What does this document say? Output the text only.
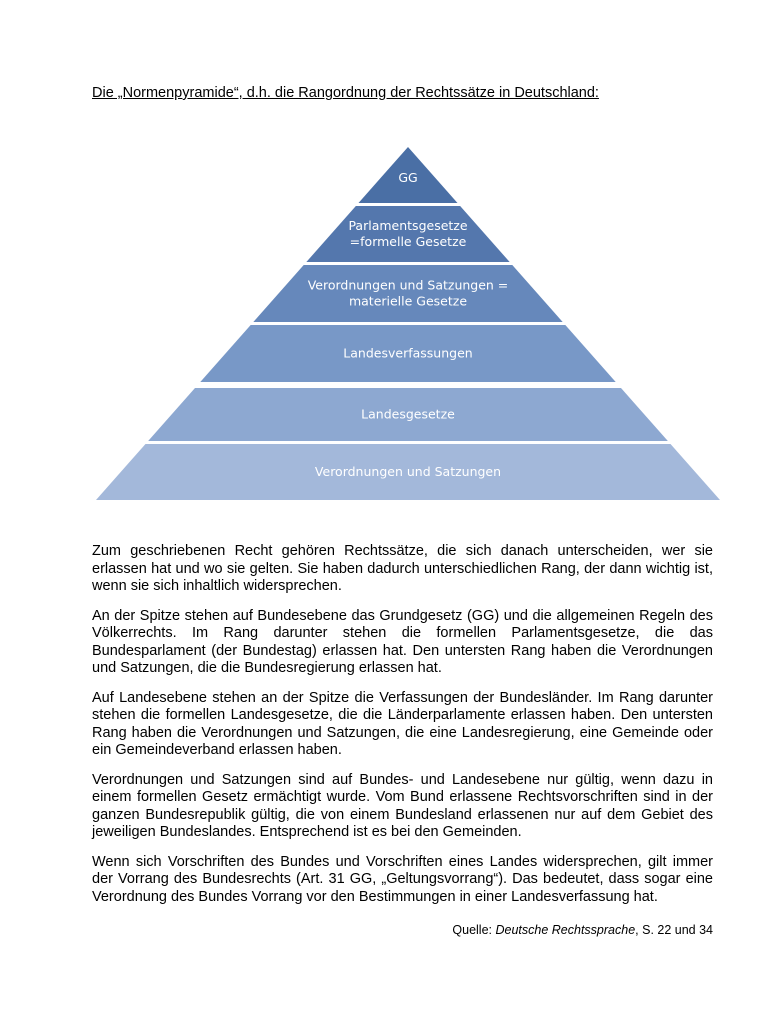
Die „Normenpyramide“, d.h. die Rangordnung der Rechtssätze in Deutschland:
GG
Parlamentsgesetze
=formelle Gesetze
Verordnungen und Satzungen =
materielle Gesetze
Landesverfassungen
Landesgesetze
Verordnungen und Satzungen

Zum geschriebenen Recht gehören Rechtssätze, die sich danach unterscheiden, wer sie erlassen hat und wo sie gelten. Sie haben dadurch unterschiedlichen Rang, der dann wichtig ist, wenn sie sich inhaltlich widersprechen.

An der Spitze stehen auf Bundesebene das Grundgesetz (GG) und die allgemeinen Regeln des Völkerrechts. Im Rang darunter stehen die formellen Parlamentsgesetze, die das Bundesparlament (der Bundestag) erlassen hat. Den untersten Rang haben die Verordnungen und Satzungen, die die Bundesregierung erlassen hat.

Auf Landesebene stehen an der Spitze die Verfassungen der Bundesländer. Im Rang darunter stehen die formellen Landesgesetze, die die Länderparlamente erlassen haben. Den untersten Rang haben die Verordnungen und Satzungen, die eine Landesregierung, eine Gemeinde oder ein Gemeindeverband erlassen haben.

Verordnungen und Satzungen sind auf Bundes- und Landesebene nur gültig, wenn dazu in einem formellen Gesetz ermächtigt wurde. Vom Bund erlassene Rechtsvorschriften sind in der ganzen Bundesrepublik gültig, die von einem Bundesland erlassenen nur auf dem Gebiet des jeweiligen Bundeslandes. Entsprechend ist es bei den Gemeinden.

Wenn sich Vorschriften des Bundes und Vorschriften eines Landes widersprechen, gilt immer der Vorrang des Bundesrechts (Art. 31 GG, „Geltungsvorrang“). Das bedeutet, dass sogar eine Verordnung des Bundes Vorrang vor den Bestimmungen in einer Landesverfassung hat.

Quelle: Deutsche Rechtssprache, S. 22 und 34
